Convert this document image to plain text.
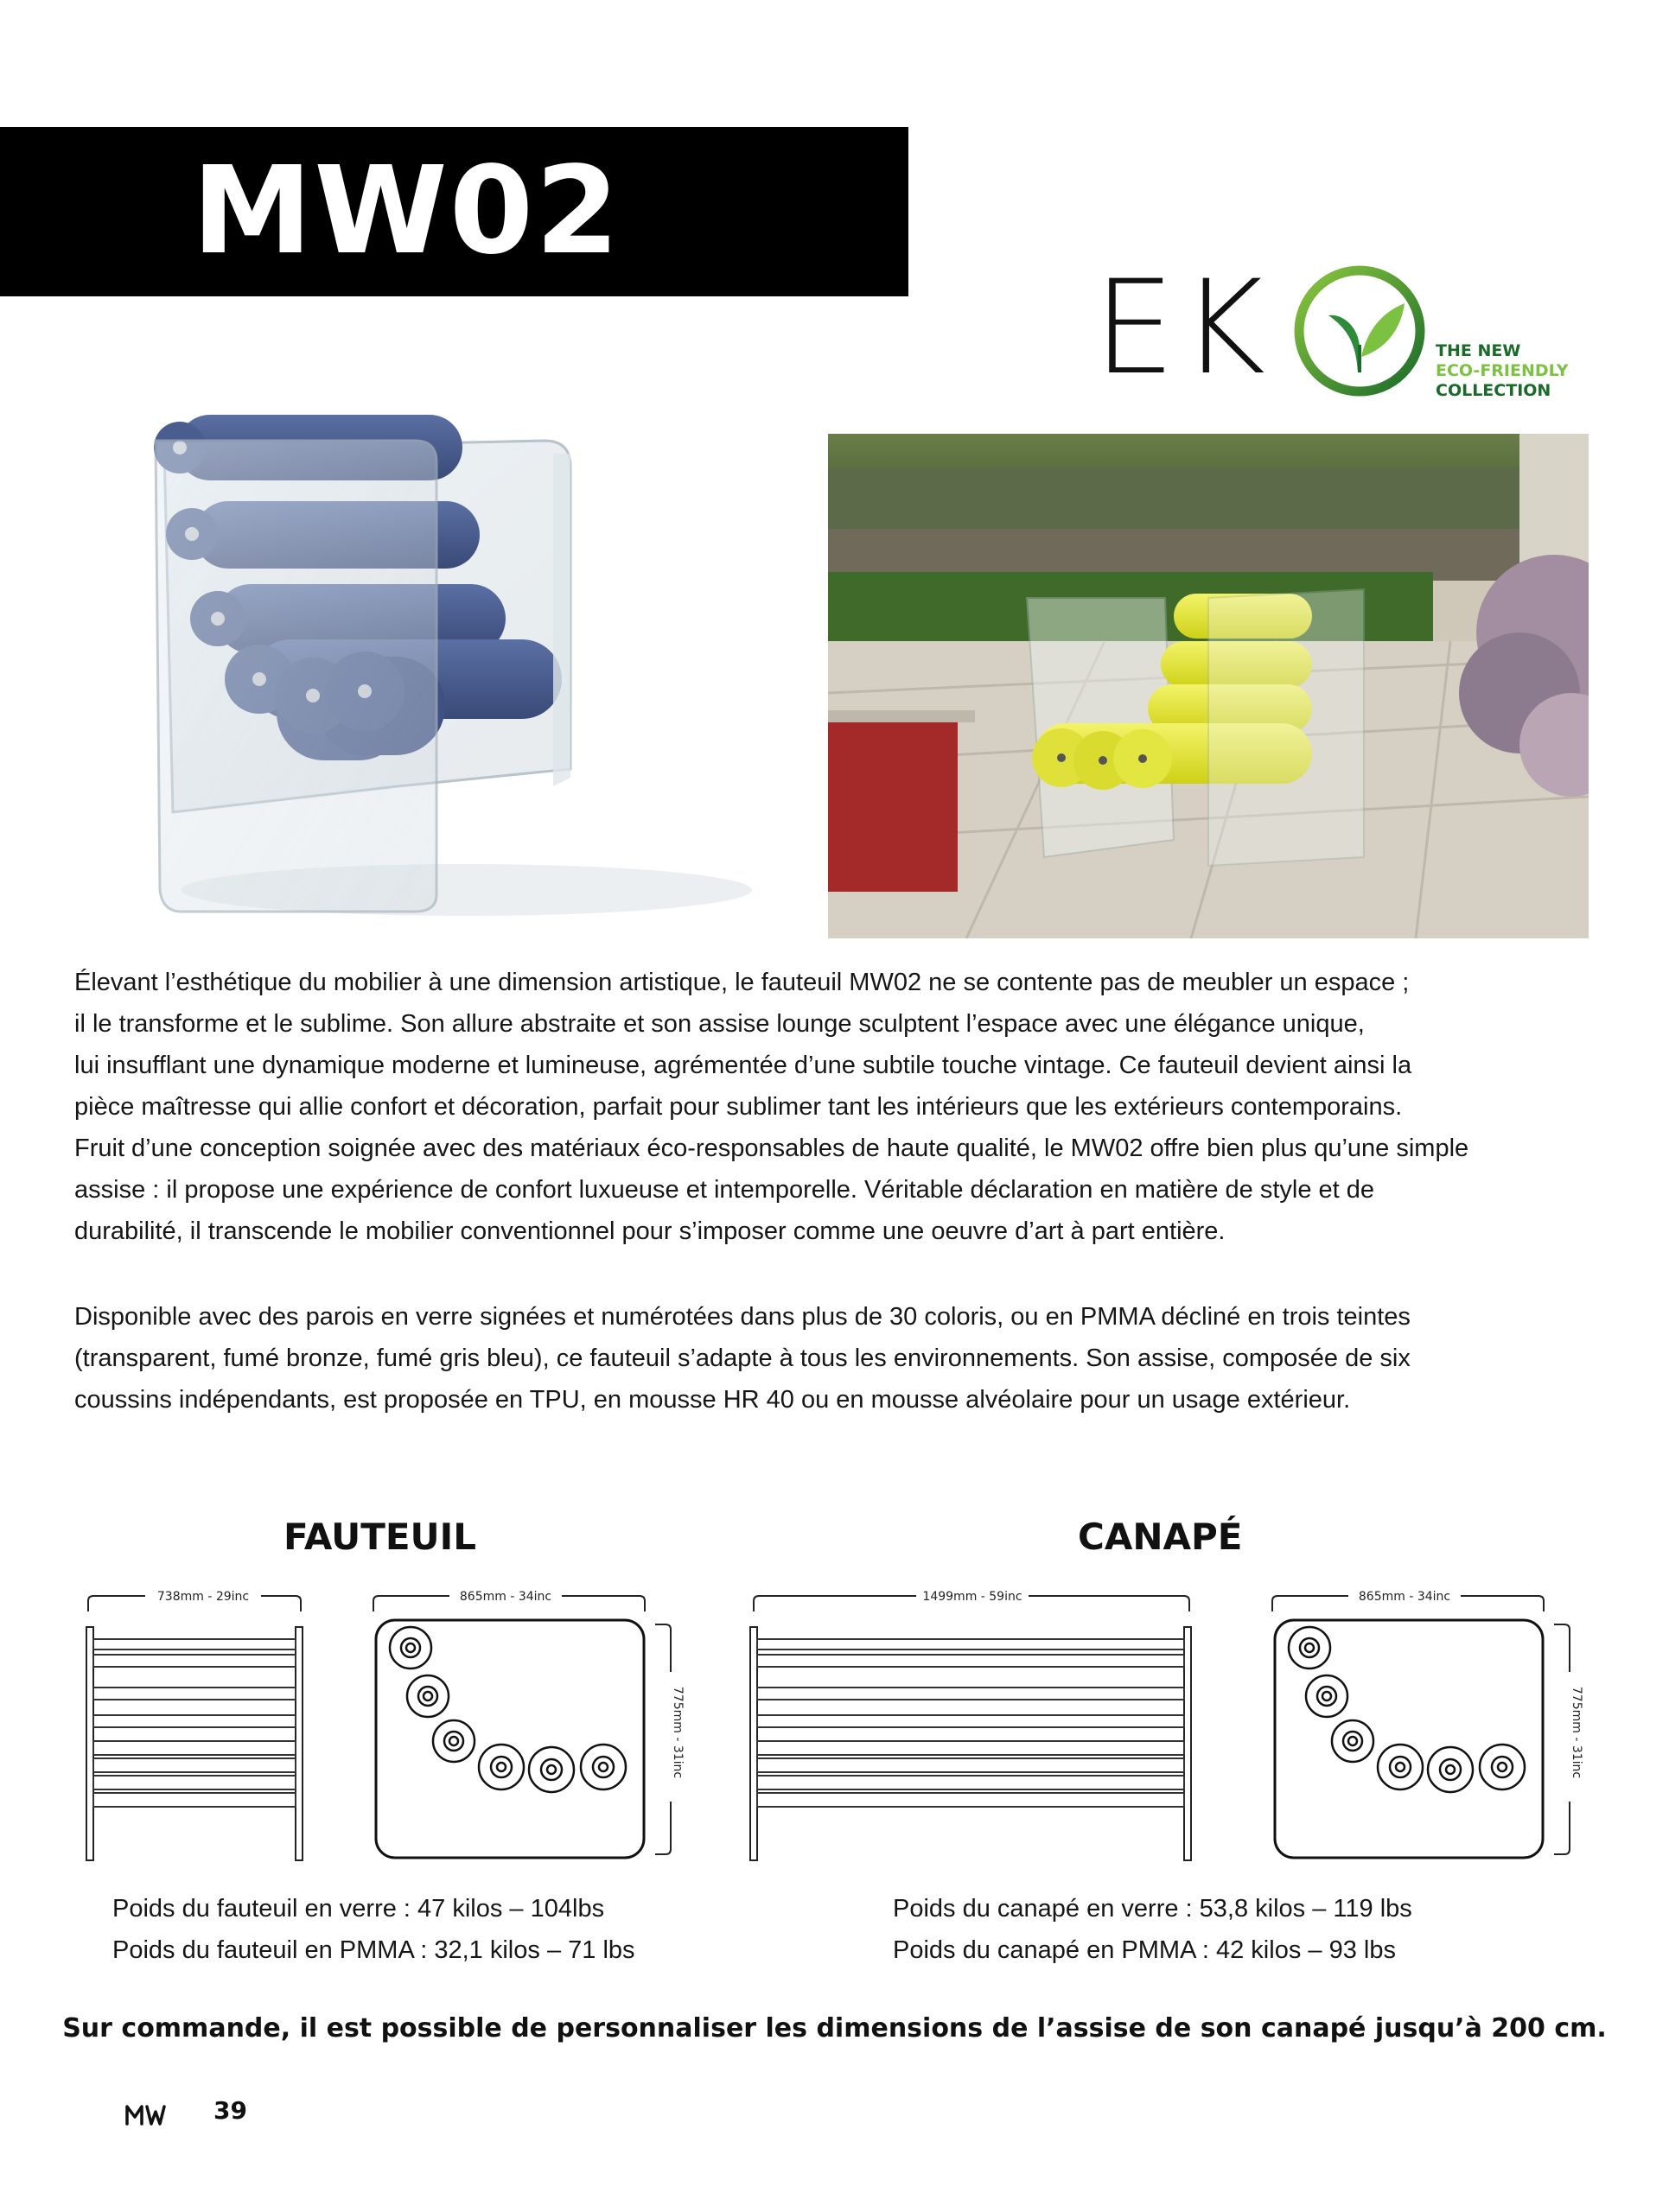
MW02
EK	THE NEW
ECO-FRIENDLY
COLLECTION
Élevant l’esthétique du mobilier à une dimension artistique, le fauteuil MW02 ne se contente pas de meubler un espace ;
il le transforme et le sublime. Son allure abstraite et son assise lounge sculptent l’espace avec une élégance unique,
lui insufflant une dynamique moderne et lumineuse, agrémentée d’une subtile touche vintage. Ce fauteuil devient ainsi la
pièce maîtresse qui allie confort et décoration, parfait pour sublimer tant les intérieurs que les extérieurs contemporains.
Fruit d’une conception soignée avec des matériaux éco-responsables de haute qualité, le MW02 offre bien plus qu’une simple
assise : il propose une expérience de confort luxueuse et intemporelle. Véritable déclaration en matière de style et de
durabilité, il transcende le mobilier conventionnel pour s’imposer comme une oeuvre d’art à part entière.
Disponible avec des parois en verre signées et numérotées dans plus de 30 coloris, ou en PMMA décliné en trois teintes
(transparent, fumé bronze, fumé gris bleu), ce fauteuil s’adapte à tous les environnements. Son assise, composée de six
coussins indépendants, est proposée en TPU, en mousse HR 40 ou en mousse alvéolaire pour un usage extérieur.
FAUTEUIL	CANAPÉ
738mm - 29inc	865mm - 34inc
775mm - 31inc
1499mm - 59inc	865mm - 34inc
775mm - 31inc
Poids du fauteuil en verre : 47 kilos – 104lbs
Poids du fauteuil en PMMA : 32,1 kilos – 71 lbs
Poids du canapé en verre : 53,8 kilos – 119 lbs
Poids du canapé en PMMA : 42 kilos – 93 lbs
Sur commande, il est possible de personnaliser les dimensions de l’assise de son canapé jusqu’à 200 cm.
39
